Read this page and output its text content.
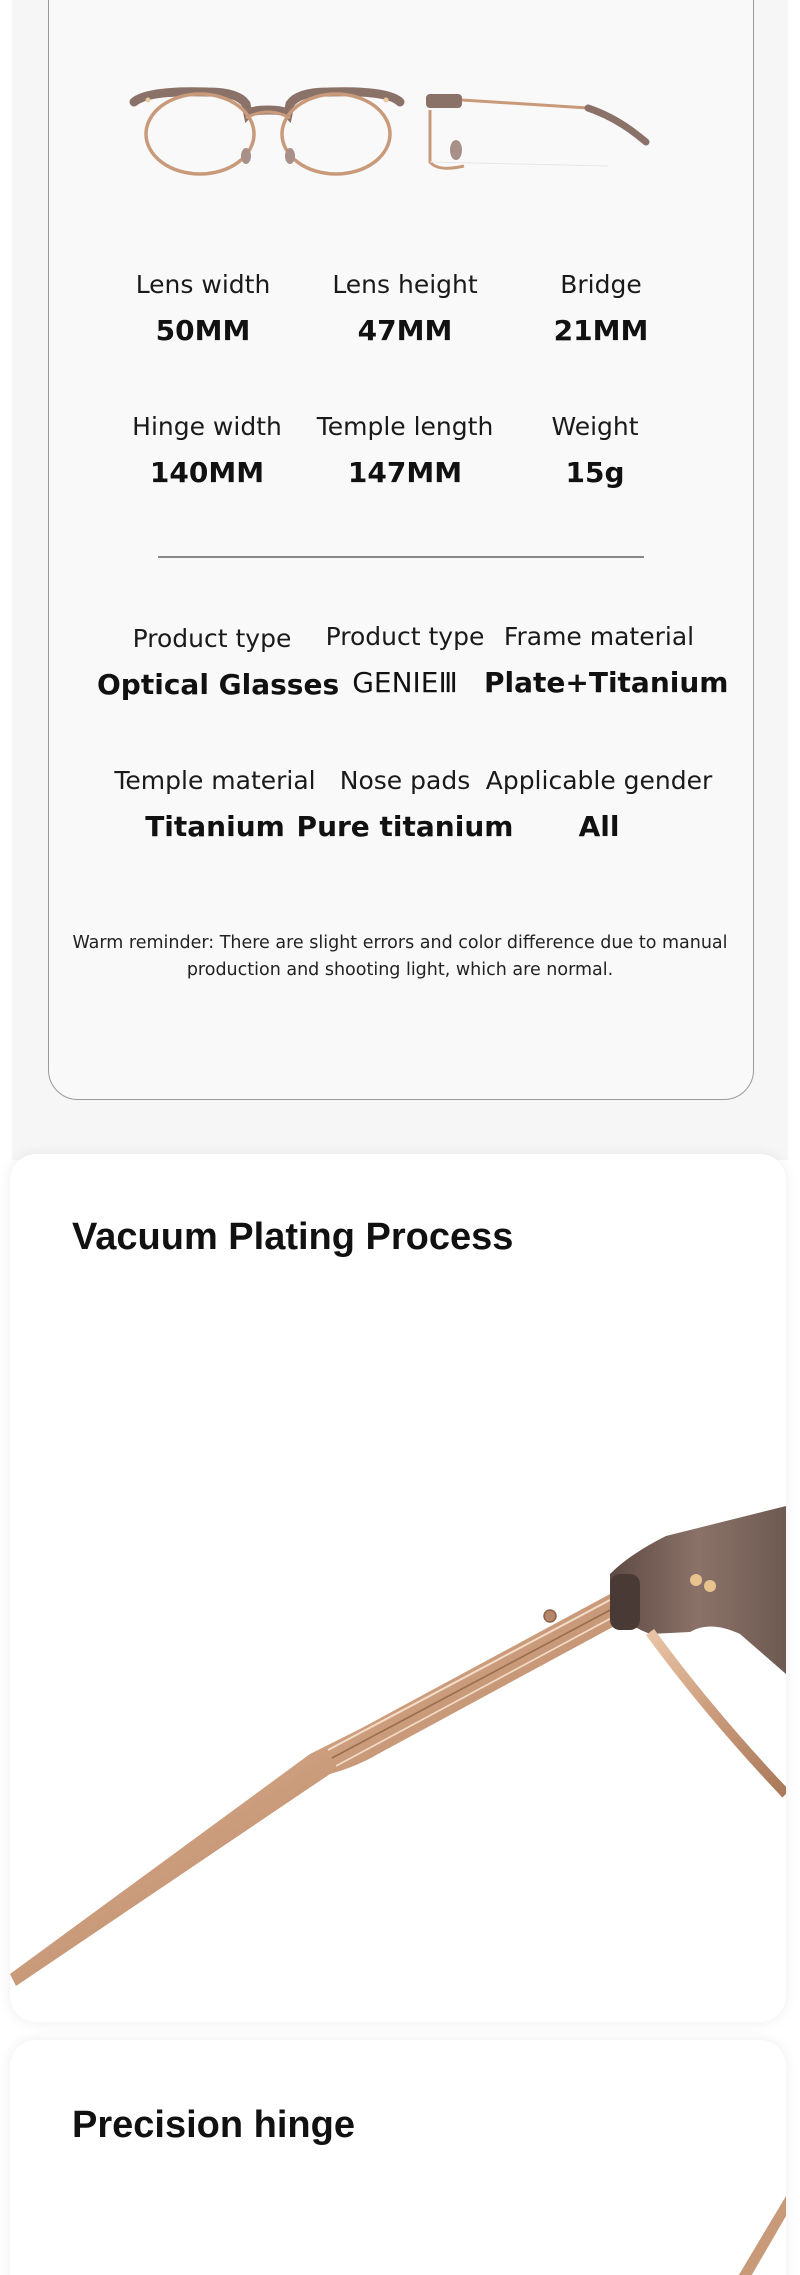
Lens width
50MM
Lens height
47MM
Bridge
21MM
Hinge width
140MM
Temple length
147MM
Weight
15g
Product type
Optical Glasses
Product type
GENIEⅢ
Frame material
Plate+Titanium
Temple material
Titanium
Nose pads
Pure titanium
Applicable gender
All
Warm reminder: There are slight errors and color difference due to manual production and shooting light, which are normal.
Vacuum Plating Process
Precision hinge
